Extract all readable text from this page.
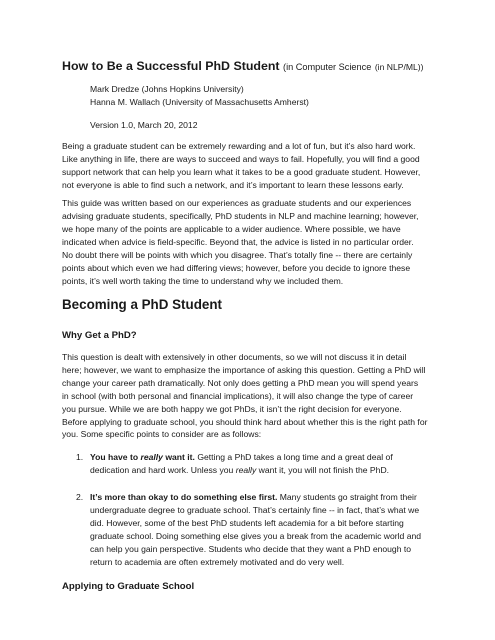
How to Be a Successful PhD Student (in Computer Science (in NLP/ML))
Mark Dredze (Johns Hopkins University)
Hanna M. Wallach (University of Massachusetts Amherst)
Version 1.0, March 20, 2012

Being a graduate student can be extremely rewarding and a lot of fun, but it’s also hard work.
Like anything in life, there are ways to succeed and ways to fail. Hopefully, you will find a good
support network that can help you learn what it takes to be a good graduate student. However,
not everyone is able to find such a network, and it’s important to learn these lessons early.

This guide was written based on our experiences as graduate students and our experiences
advising graduate students, specifically, PhD students in NLP and machine learning; however,
we hope many of the points are applicable to a wider audience. Where possible, we have
indicated when advice is field-specific. Beyond that, the advice is listed in no particular order.

No doubt there will be points with which you disagree. That’s totally fine -- there are certainly
points about which even we had differing views; however, before you decide to ignore these
points, it’s well worth taking the time to understand why we included them.

Becoming a PhD Student
Why Get a PhD?

This question is dealt with extensively in other documents, so we will not discuss it in detail
here; however, we want to emphasize the importance of asking this question. Getting a PhD will
change your career path dramatically. Not only does getting a PhD mean you will spend years
in school (with both personal and financial implications), it will also change the type of career
you pursue. While we are both happy we got PhDs, it isn’t the right decision for everyone.
Before applying to graduate school, you should think hard about whether this is the right path for
you. Some specific points to consider are as follows:

1. You have to really want it. Getting a PhD takes a long time and a great deal of
dedication and hard work. Unless you really want it, you will not finish the PhD.
2. It’s more than okay to do something else first. Many students go straight from their
undergraduate degree to graduate school. That’s certainly fine -- in fact, that’s what we
did. However, some of the best PhD students left academia for a bit before starting
graduate school. Doing something else gives you a break from the academic world and
can help you gain perspective. Students who decide that they want a PhD enough to
return to academia are often extremely motivated and do very well.
Applying to Graduate School
